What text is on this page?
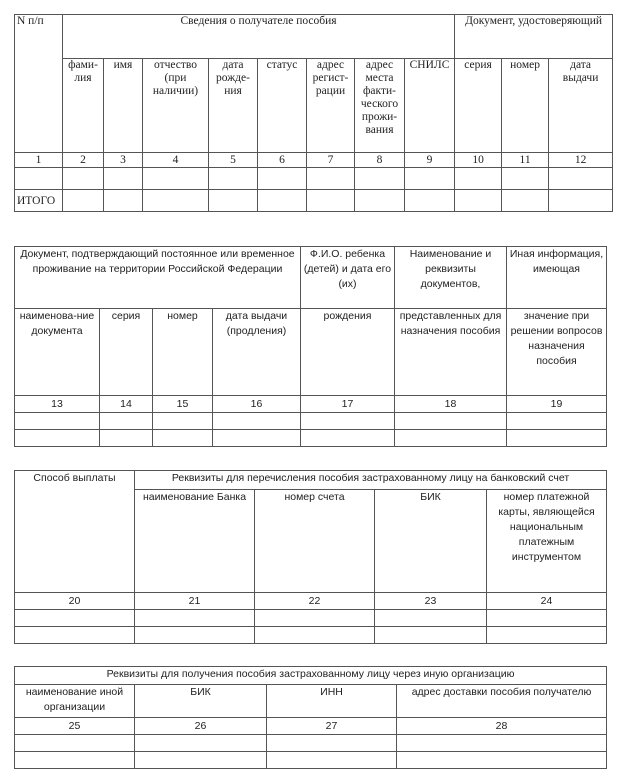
N п/п	Сведения о получателе пособия								Документ, удостоверяющий		
	фами-лия	имя	отчество (при наличии)	дата рожде-ния	статус	адрес регист-рации	адрес места факти-ческого прожи-вания	СНИЛС	серия	номер	дата выдачи
1	2	3	4	5	6	7	8	9	10	11	12

ИТОГО											
Документ, подтверждающий постоянное или временное проживание на территории Российской Федерации				Ф.И.О. ребенка (детей) и дата его (их)	Наименование и реквизиты документов,	Иная информация, имеющая
наименова-ние документа	серия	номер	дата выдачи (продления)	рождения	представленных для назначения пособия	значение при решении вопросов назначения пособия
13	14	15	16	17	18	19

Способ выплаты	Реквизиты для перечисления пособия застрахованному лицу на банковский счет			
	наименование Банка	номер счета	БИК	номер платежной карты, являющейся национальным платежным инструментом
20	21	22	23	24

Реквизиты для получения пособия застрахованному лицу через иную организацию			
наименование иной организации	БИК	ИНН	адрес доставки пособия получателю
25	26	27	28
